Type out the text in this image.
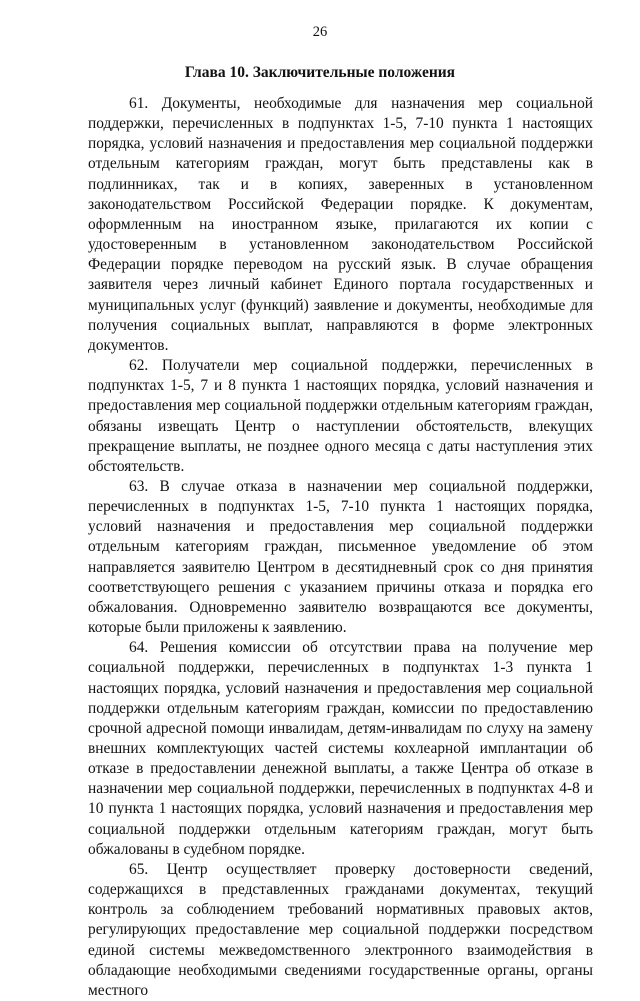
26
Глава 10. Заключительные положения

61. Документы, необходимые для назначения мер социальной поддержки, перечисленных в подпунктах 1-5, 7-10 пункта 1 настоящих порядка, условий назначения и предоставления мер социальной поддержки отдельным категориям граждан, могут быть представлены как в подлинниках, так и в копиях, заверенных в установленном законодательством Российской Федерации порядке. К документам, оформленным на иностранном языке, прилагаются их копии с удостоверенным в установленном законодательством Российской Федерации порядке переводом на русский язык. В случае обращения заявителя через личный кабинет Единого портала государственных и муниципальных услуг (функций) заявление и документы, необходимые для получения социальных выплат, направляются в форме электронных документов.

62. Получатели мер социальной поддержки, перечисленных в подпунктах 1-5, 7 и 8 пункта 1 настоящих порядка, условий назначения и предоставления мер социальной поддержки отдельным категориям граждан, обязаны извещать Центр о наступлении обстоятельств, влекущих прекращение выплаты, не позднее одного месяца с даты наступления этих обстоятельств.

63. В случае отказа в назначении мер социальной поддержки, перечисленных в подпунктах 1-5, 7-10 пункта 1 настоящих порядка, условий назначения и предоставления мер социальной поддержки отдельным категориям граждан, письменное уведомление об этом направляется заявителю Центром в десятидневный срок со дня принятия соответствующего решения с указанием причины отказа и порядка его обжалования. Одновременно заявителю возвращаются все документы, которые были приложены к заявлению.

64. Решения комиссии об отсутствии права на получение мер социальной поддержки, перечисленных в подпунктах 1-3 пункта 1 настоящих порядка, условий назначения и предоставления мер социальной поддержки отдельным категориям граждан, комиссии по предоставлению срочной адресной помощи инвалидам, детям-инвалидам по слуху на замену внешних комплектующих частей системы кохлеарной имплантации об отказе в предоставлении денежной выплаты, а также Центра об отказе в назначении мер социальной поддержки, перечисленных в подпунктах 4-8 и 10 пункта 1 настоящих порядка, условий назначения и предоставления мер социальной поддержки отдельным категориям граждан, могут быть обжалованы в судебном порядке.

65. Центр осуществляет проверку достоверности сведений, содержащихся в представленных гражданами документах, текущий контроль за соблюдением требований нормативных правовых актов, регулирующих предоставление мер социальной поддержки посредством единой системы межведомственного электронного взаимодействия в обладающие необходимыми сведениями государственные органы, органы местного
